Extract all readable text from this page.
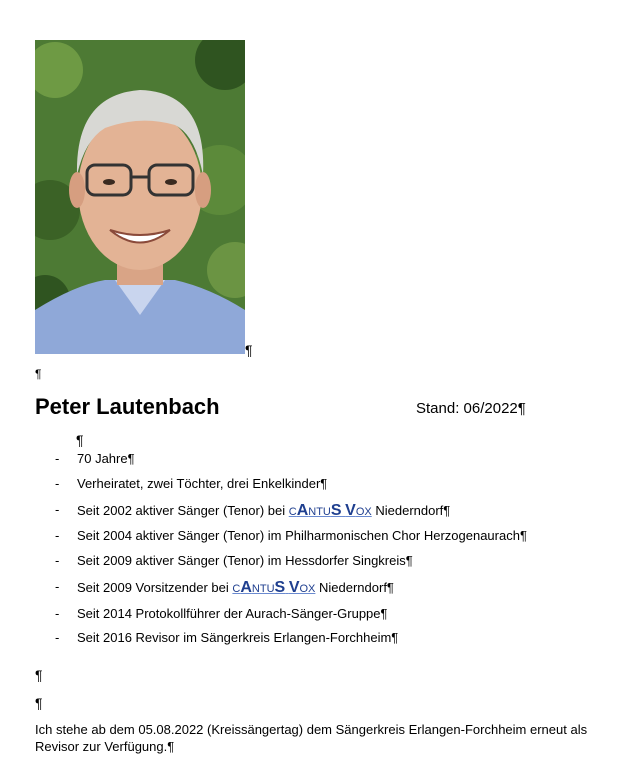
¶
¶
Peter Lautenbach	Stand: 06/2022¶
¶
- 70 Jahre¶
- Verheiratet, zwei Töchter, drei Enkelkinder¶
- Seit 2002 aktiver Sänger (Tenor) bei CANTUS VOX Niederndorf¶
- Seit 2004 aktiver Sänger (Tenor) im Philharmonischen Chor Herzogenaurach¶
- Seit 2009 aktiver Sänger (Tenor) im Hessdorfer Singkreis¶
- Seit 2009 Vorsitzender bei CANTUS VOX Niederndorf¶
- Seit 2014 Protokollführer der Aurach-Sänger-Gruppe¶
- Seit 2016 Revisor im Sängerkreis Erlangen-Forchheim¶
¶
¶
Ich stehe ab dem 05.08.2022 (Kreissängertag) dem Sängerkreis Erlangen-Forchheim erneut als Revisor zur Verfügung.¶
